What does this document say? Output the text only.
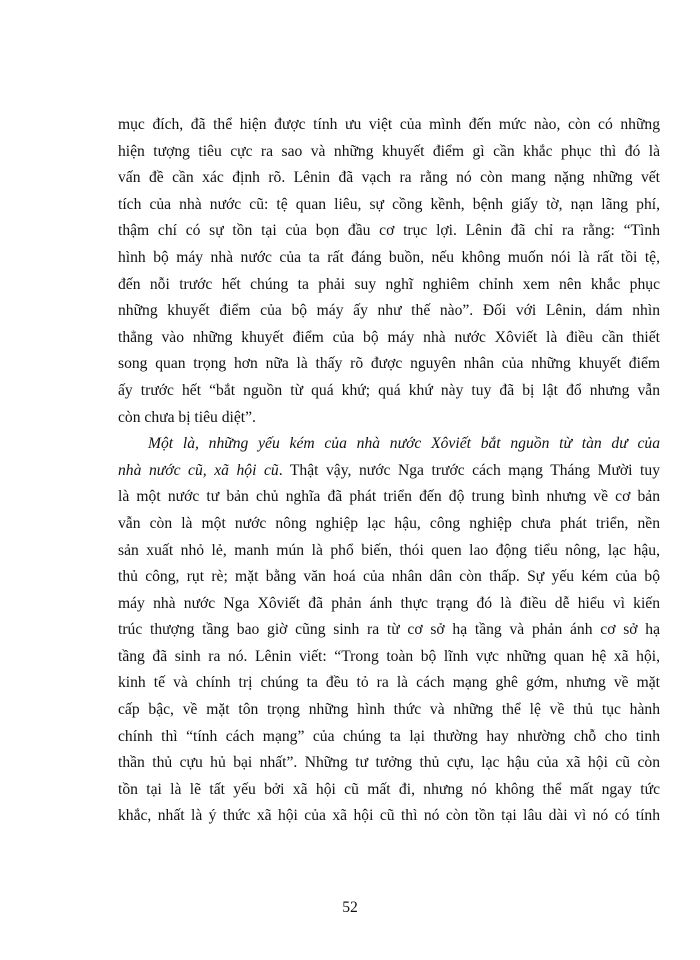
mục đích, đã thể hiện được tính ưu việt của mình đến mức nào, còn có những
hiện tượng tiêu cực ra sao và những khuyết điểm gì cần khắc phục thì đó là
vấn đề cần xác định rõ. Lênin đã vạch ra rằng nó còn mang nặng những vết
tích của nhà nước cũ: tệ quan liêu, sự cồng kềnh, bệnh giấy tờ, nạn lãng phí,
thậm chí có sự tồn tại của bọn đầu cơ trục lợi. Lênin đã chỉ ra rằng: “Tình
hình bộ máy nhà nước của ta rất đáng buồn, nếu không muốn nói là rất tồi tệ,
đến nỗi trước hết chúng ta phải suy nghĩ nghiêm chỉnh xem nên khắc phục
những khuyết điểm của bộ máy ấy như thế nào”. Đối với Lênin, dám nhìn
thẳng vào những khuyết điểm của bộ máy nhà nước Xôviết là điều cần thiết
song quan trọng hơn nữa là thấy rõ được nguyên nhân của những khuyết điểm
ấy trước hết “bắt nguồn từ quá khứ; quá khứ này tuy đã bị lật đổ nhưng vẫn
còn chưa bị tiêu diệt”.
Một là, những yếu kém của nhà nước Xôviết bắt nguồn từ tàn dư của
nhà nước cũ, xã hội cũ. Thật vậy, nước Nga trước cách mạng Tháng Mười tuy
là một nước tư bản chủ nghĩa đã phát triển đến độ trung bình nhưng về cơ bản
vẫn còn là một nước nông nghiệp lạc hậu, công nghiệp chưa phát triển, nền
sản xuất nhỏ lẻ, manh mún là phổ biến, thói quen lao động tiểu nông, lạc hậu,
thủ công, rụt rè; mặt bằng văn hoá của nhân dân còn thấp. Sự yếu kém của bộ
máy nhà nước Nga Xôviết đã phản ánh thực trạng đó là điều dễ hiểu vì kiến
trúc thượng tầng bao giờ cũng sinh ra từ cơ sở hạ tầng và phản ánh cơ sở hạ
tầng đã sinh ra nó. Lênin viết: “Trong toàn bộ lĩnh vực những quan hệ xã hội,
kinh tế và chính trị chúng ta đều tỏ ra là cách mạng ghê gớm, nhưng về mặt
cấp bậc, về mặt tôn trọng những hình thức và những thể lệ về thủ tục hành
chính thì “tính cách mạng” của chúng ta lại thường hay nhường chỗ cho tinh
thần thủ cựu hủ bại nhất”. Những tư tưởng thủ cựu, lạc hậu của xã hội cũ còn
tồn tại là lẽ tất yếu bởi xã hội cũ mất đi, nhưng nó không thể mất ngay tức
khắc, nhất là ý thức xã hội của xã hội cũ thì nó còn tồn tại lâu dài vì nó có tính
52
